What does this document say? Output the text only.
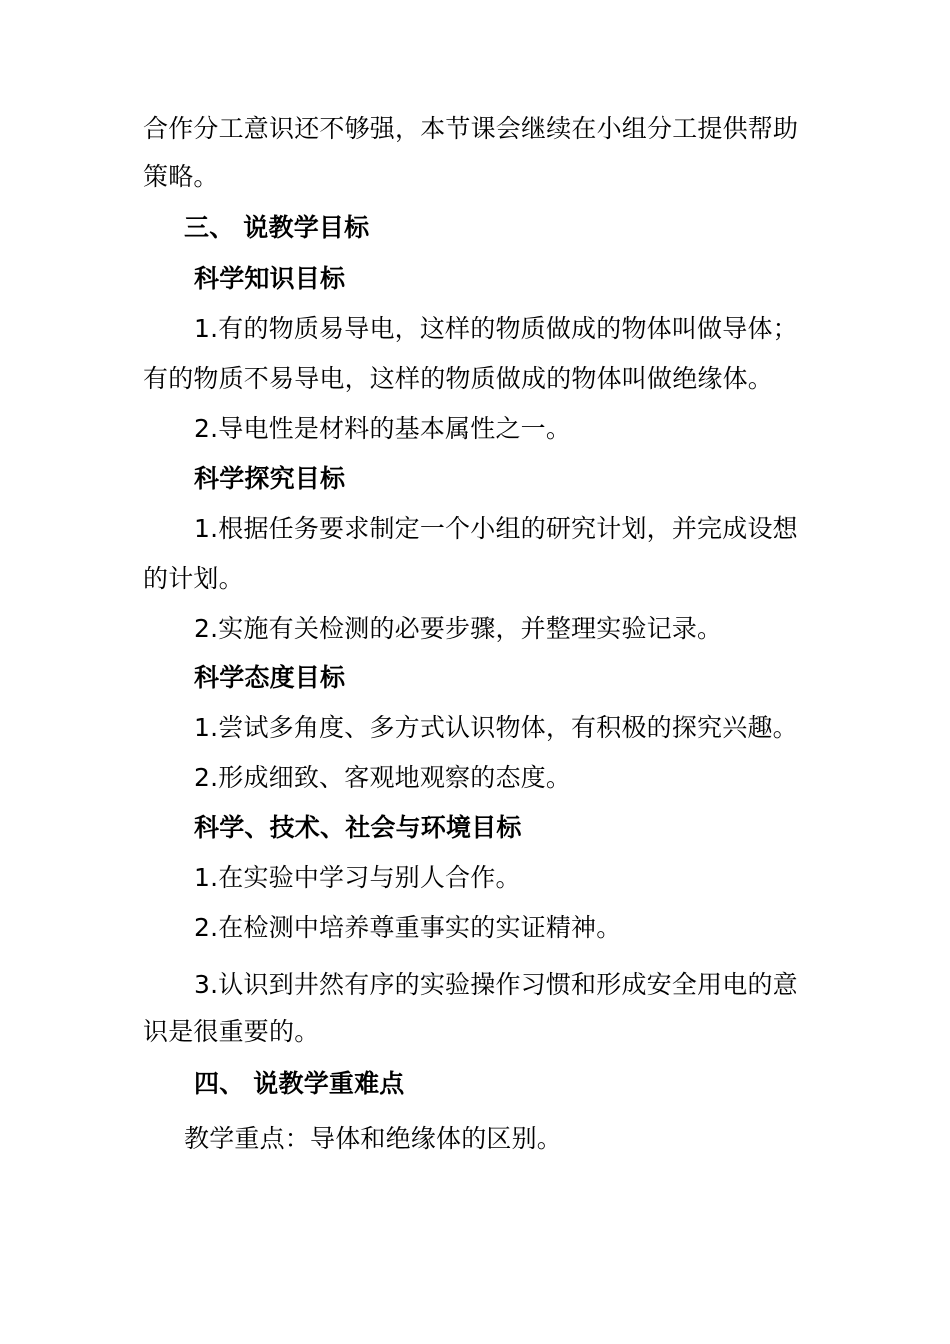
合作分工意识还不够强，本节课会继续在小组分工提供帮助
策略。
三、 说教学目标
科学知识目标
1.有的物质易导电，这样的物质做成的物体叫做导体；
有的物质不易导电，这样的物质做成的物体叫做绝缘体。
2.导电性是材料的基本属性之一。
科学探究目标
1.根据任务要求制定一个小组的研究计划，并完成设想
的计划。
2.实施有关检测的必要步骤，并整理实验记录。
科学态度目标
1.尝试多角度、多方式认识物体，有积极的探究兴趣。
2.形成细致、客观地观察的态度。
科学、技术、社会与环境目标
1.在实验中学习与别人合作。
2.在检测中培养尊重事实的实证精神。
3.认识到井然有序的实验操作习惯和形成安全用电的意
识是很重要的。
四、 说教学重难点
教学重点：导体和绝缘体的区别。
